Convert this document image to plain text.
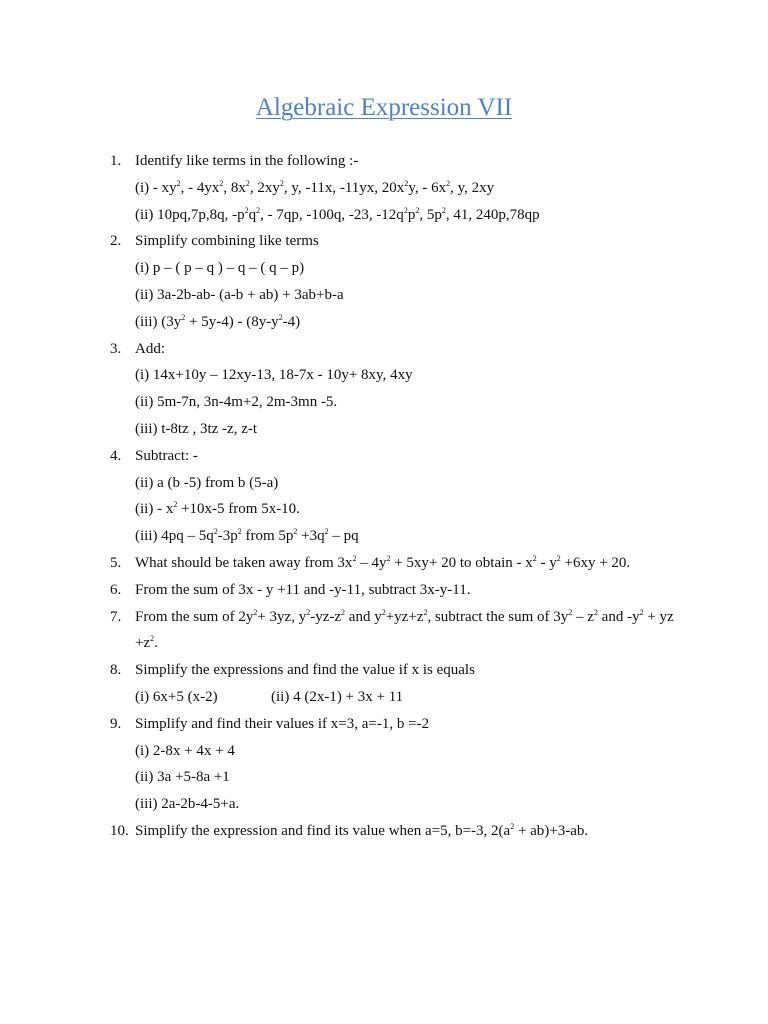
Algebraic Expression VII
1. Identify like terms in the following :-
$(i) - xy^2$, - $4yx^2$, $8x^2$, $2xy^2$, y, -11x, -11yx, $20x^2y$, - $6x^2$, y, 2xy
(ii) 10pq,7p,8q, $-p^2q^2$, - 7qp, -100q, -23, $-12q^2p^2$, $5p^2$, 41, 240p,78qp
2. Simplify combining like terms
(i) p – ( p – q ) – q – ( q – p)
(ii) 3a-2b-ab- (a-b + ab) + 3ab+b-a
(iii) $(3y^2 + 5y-4) - (8y-y^2-4)$
3. Add:
(i) 14x+10y – 12xy-13, 18-7x - 10y+ 8xy, 4xy
(ii) 5m-7n, 3n-4m+2, 2m-3mn -5.
(iii) t-8tz , 3tz -z, z-t
4. Subtract: -
(ii) a (b -5) from b (5-a)
$(ii) - x^2 +10x-5$ from 5x-10.
(iii) $4pq - 5q^2-3p^2$ from $5p^2 +3q^2$ – pq
5. What should be taken away from $3x^2 - 4y^2 + 5xy+ 20$ to obtain - $x^2 - y^2 +6xy + 20$.
6. From the sum of 3x - y +11 and -y-11, subtract 3x-y-11.
7. From the sum of $2y^2+ 3yz$, $y^2-yz-z^2$ and $y^2+yz+z^2$, subtract the sum of $3y^2 - z^2$ and $-y^2$ + yz $+z^2$.
8. Simplify the expressions and find the value if x is equals
(i) 6x+5 (x-2)	(ii) 4 (2x-1) + 3x + 11
9. Simplify and find their values if x=3, a=-1, b =-2
(i) 2-8x + 4x + 4
(ii) 3a +5-8a +1
(iii) 2a-2b-4-5+a.
10. Simplify the expression and find its value when a=5, b=-3, $2(a^2 + ab)+3-ab$.
